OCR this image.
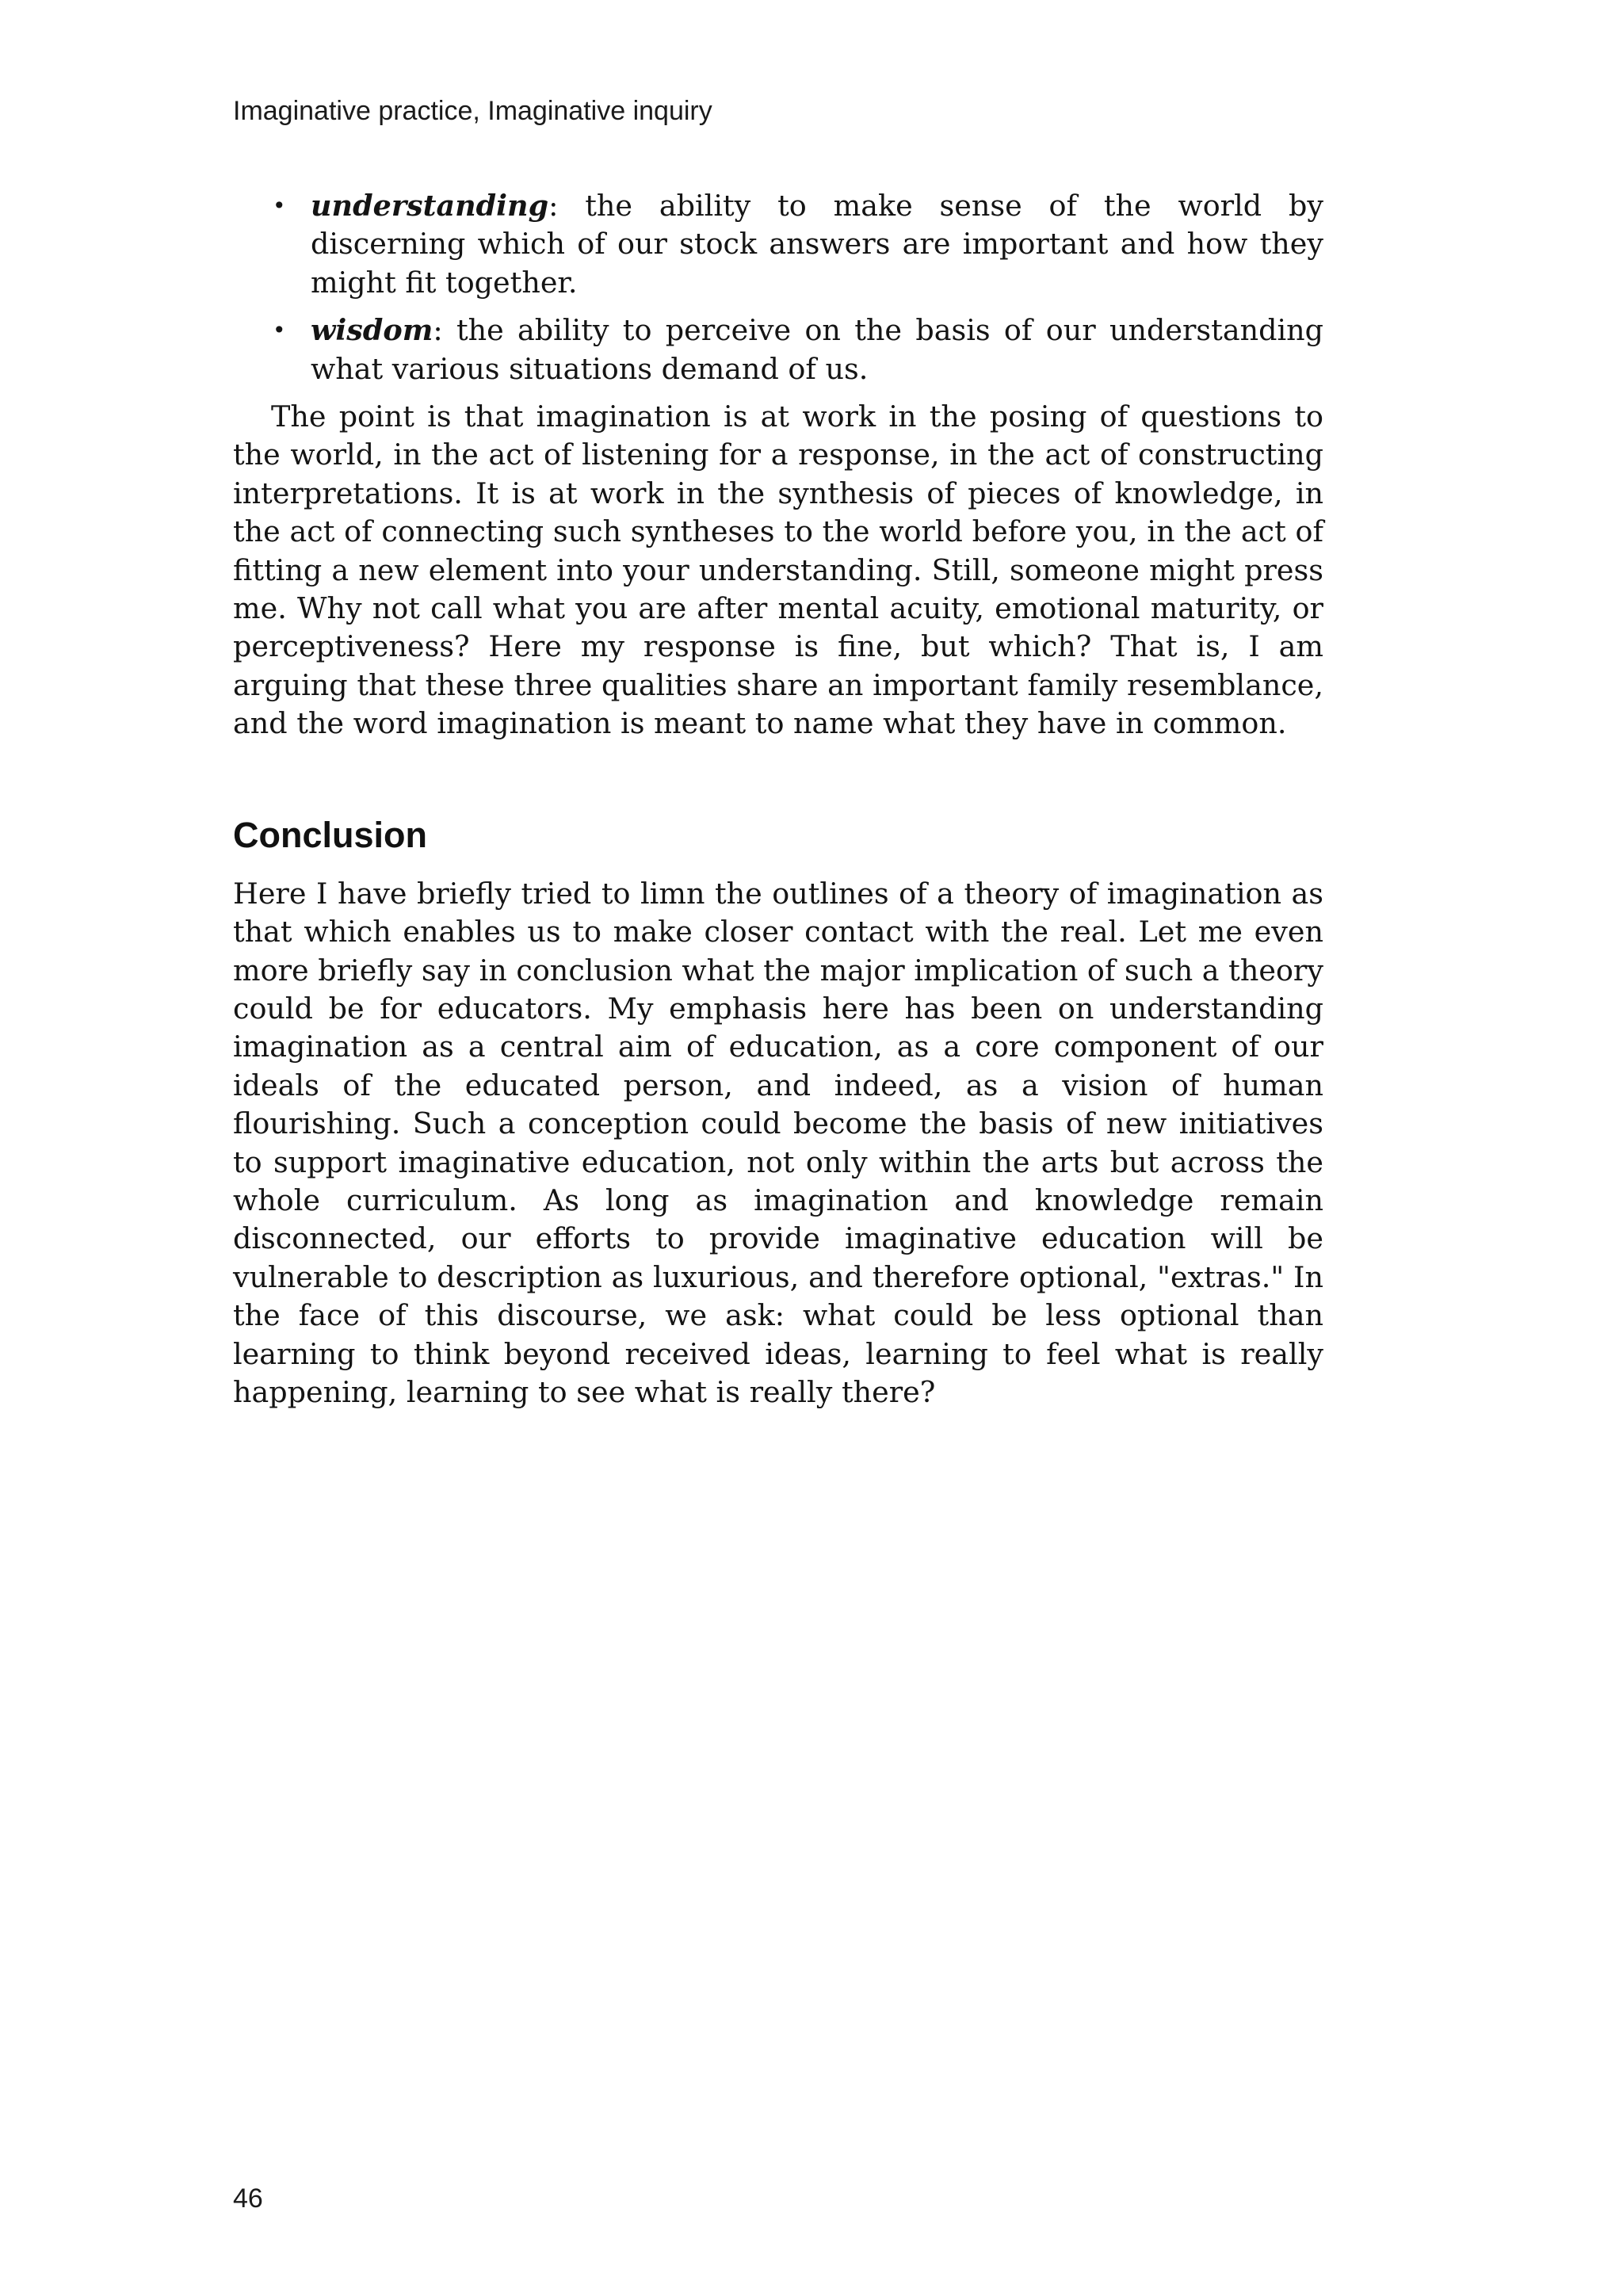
Imaginative practice, Imaginative inquiry
• understanding: the ability to make sense of the world by discerning which of our stock answers are important and how they might fit together.
• wisdom: the ability to perceive on the basis of our understanding what various situations demand of us.

The point is that imagination is at work in the posing of questions to the world, in the act of listening for a response, in the act of constructing interpretations. It is at work in the synthesis of pieces of knowledge, in the act of connecting such syntheses to the world before you, in the act of fitting a new element into your understanding. Still, someone might press me. Why not call what you are after mental acuity, emotional maturity, or perceptiveness? Here my response is fine, but which? That is, I am arguing that these three qualities share an important family resemblance, and the word imagination is meant to name what they have in common.

Conclusion

Here I have briefly tried to limn the outlines of a theory of imagination as that which enables us to make closer contact with the real. Let me even more briefly say in conclusion what the major implication of such a theory could be for educators. My emphasis here has been on understanding imagination as a central aim of education, as a core component of our ideals of the educated person, and indeed, as a vision of human flourishing. Such a conception could become the basis of new initiatives to support imaginative education, not only within the arts but across the whole curriculum. As long as imagination and knowledge remain disconnected, our efforts to provide imaginative education will be vulnerable to description as luxurious, and therefore optional, "extras." In the face of this discourse, we ask: what could be less optional than learning to think beyond received ideas, learning to feel what is really happening, learning to see what is really there?

46
